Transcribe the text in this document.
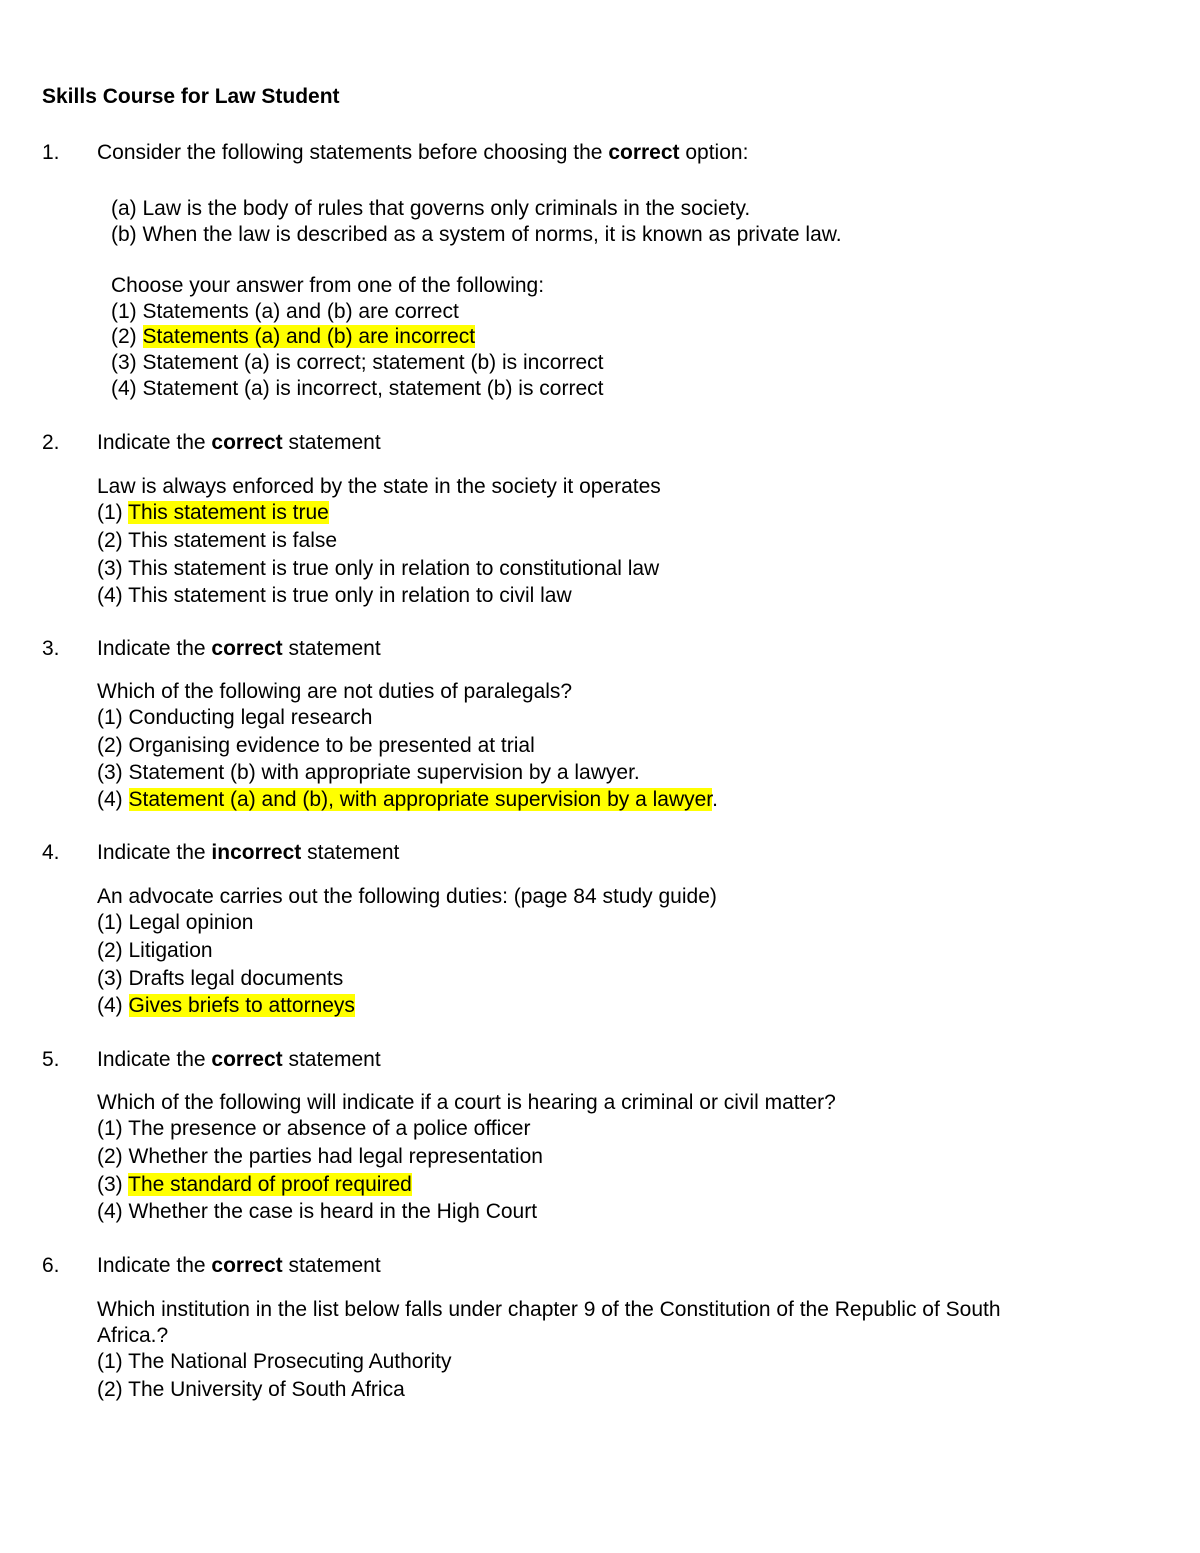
Skills Course for Law Student
1. Consider the following statements before choosing the correct option:
(a) Law is the body of rules that governs only criminals in the society.
(b) When the law is described as a system of norms, it is known as private law.
Choose your answer from one of the following:
(1) Statements (a) and (b) are correct
(2) Statements (a) and (b) are incorrect
(3) Statement (a) is correct; statement (b) is incorrect
(4) Statement (a) is incorrect, statement (b) is correct
2. Indicate the correct statement
Law is always enforced by the state in the society it operates
(1) This statement is true
(2) This statement is false
(3) This statement is true only in relation to constitutional law
(4) This statement is true only in relation to civil law
3. Indicate the correct statement
Which of the following are not duties of paralegals?
(1) Conducting legal research
(2) Organising evidence to be presented at trial
(3) Statement (b) with appropriate supervision by a lawyer.
(4) Statement (a) and (b), with appropriate supervision by a lawyer.
4. Indicate the incorrect statement
An advocate carries out the following duties: (page 84 study guide)
(1) Legal opinion
(2) Litigation
(3) Drafts legal documents
(4) Gives briefs to attorneys
5. Indicate the correct statement
Which of the following will indicate if a court is hearing a criminal or civil matter?
(1) The presence or absence of a police officer
(2) Whether the parties had legal representation
(3) The standard of proof required
(4) Whether the case is heard in the High Court
6. Indicate the correct statement
Which institution in the list below falls under chapter 9 of the Constitution of the Republic of South
Africa.?
(1) The National Prosecuting Authority
(2) The University of South Africa
